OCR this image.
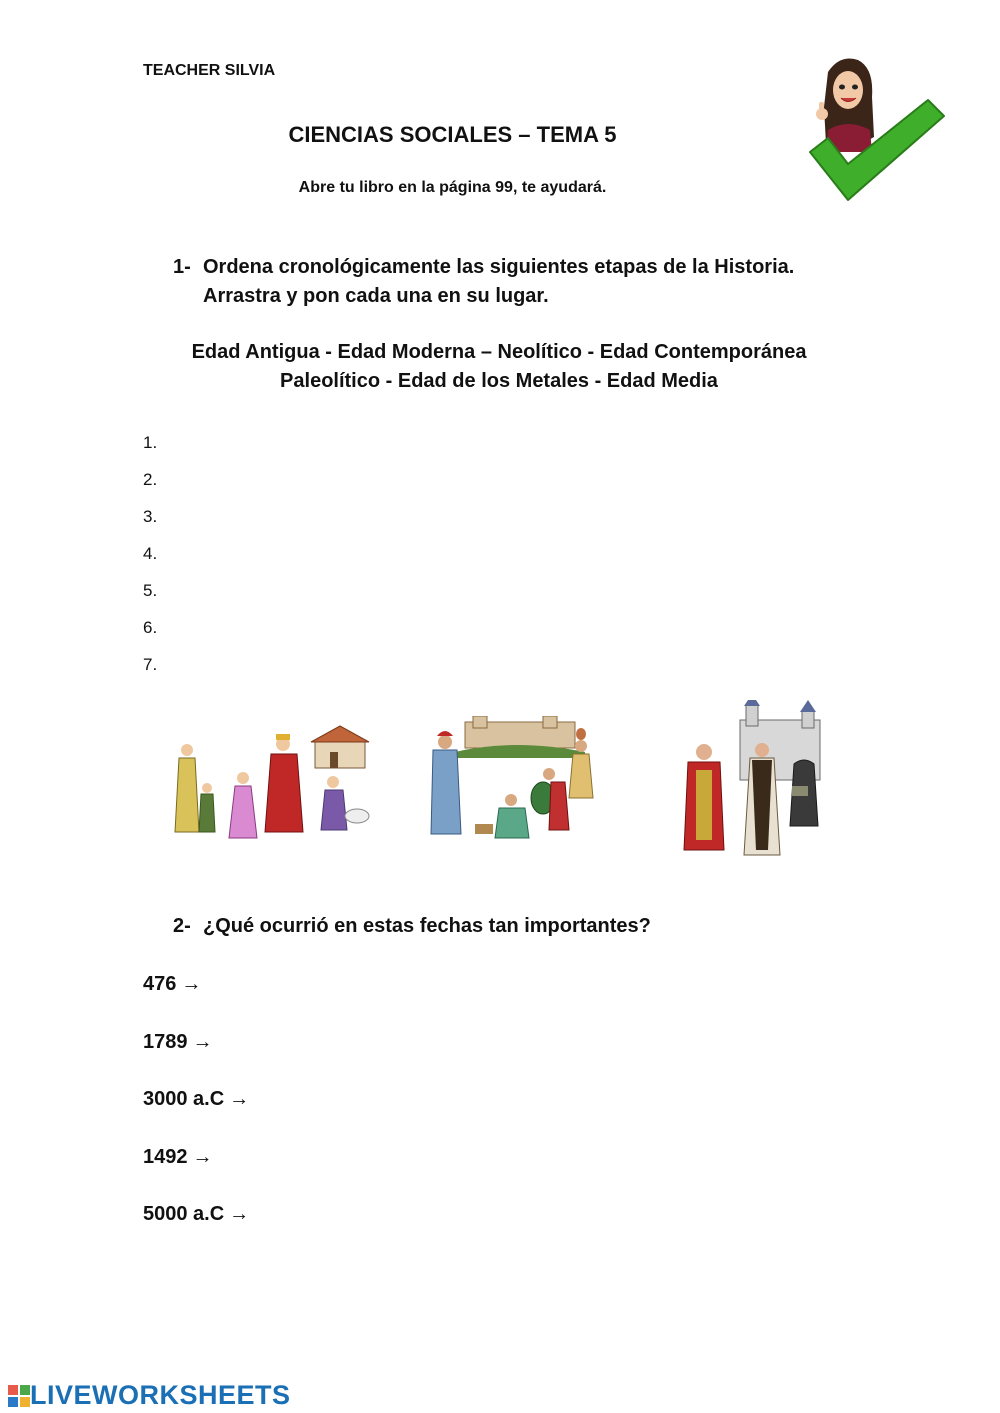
TEACHER SILVIA
CIENCIAS SOCIALES – TEMA 5
Abre tu libro en la página 99, te ayudará.
1- Ordena cronológicamente las siguientes etapas de la Historia.
Arrastra y pon cada una en su lugar.
Edad Antigua - Edad Moderna – Neolítico - Edad Contemporánea
Paleolítico - Edad de los Metales - Edad Media
1.
2.
3.
4.
5.
6.
7.
2- ¿Qué ocurrió en estas fechas tan importantes?
476 →
1789 →
3000 a.C →
1492 →
5000 a.C →
LIVEWORKSHEETS
